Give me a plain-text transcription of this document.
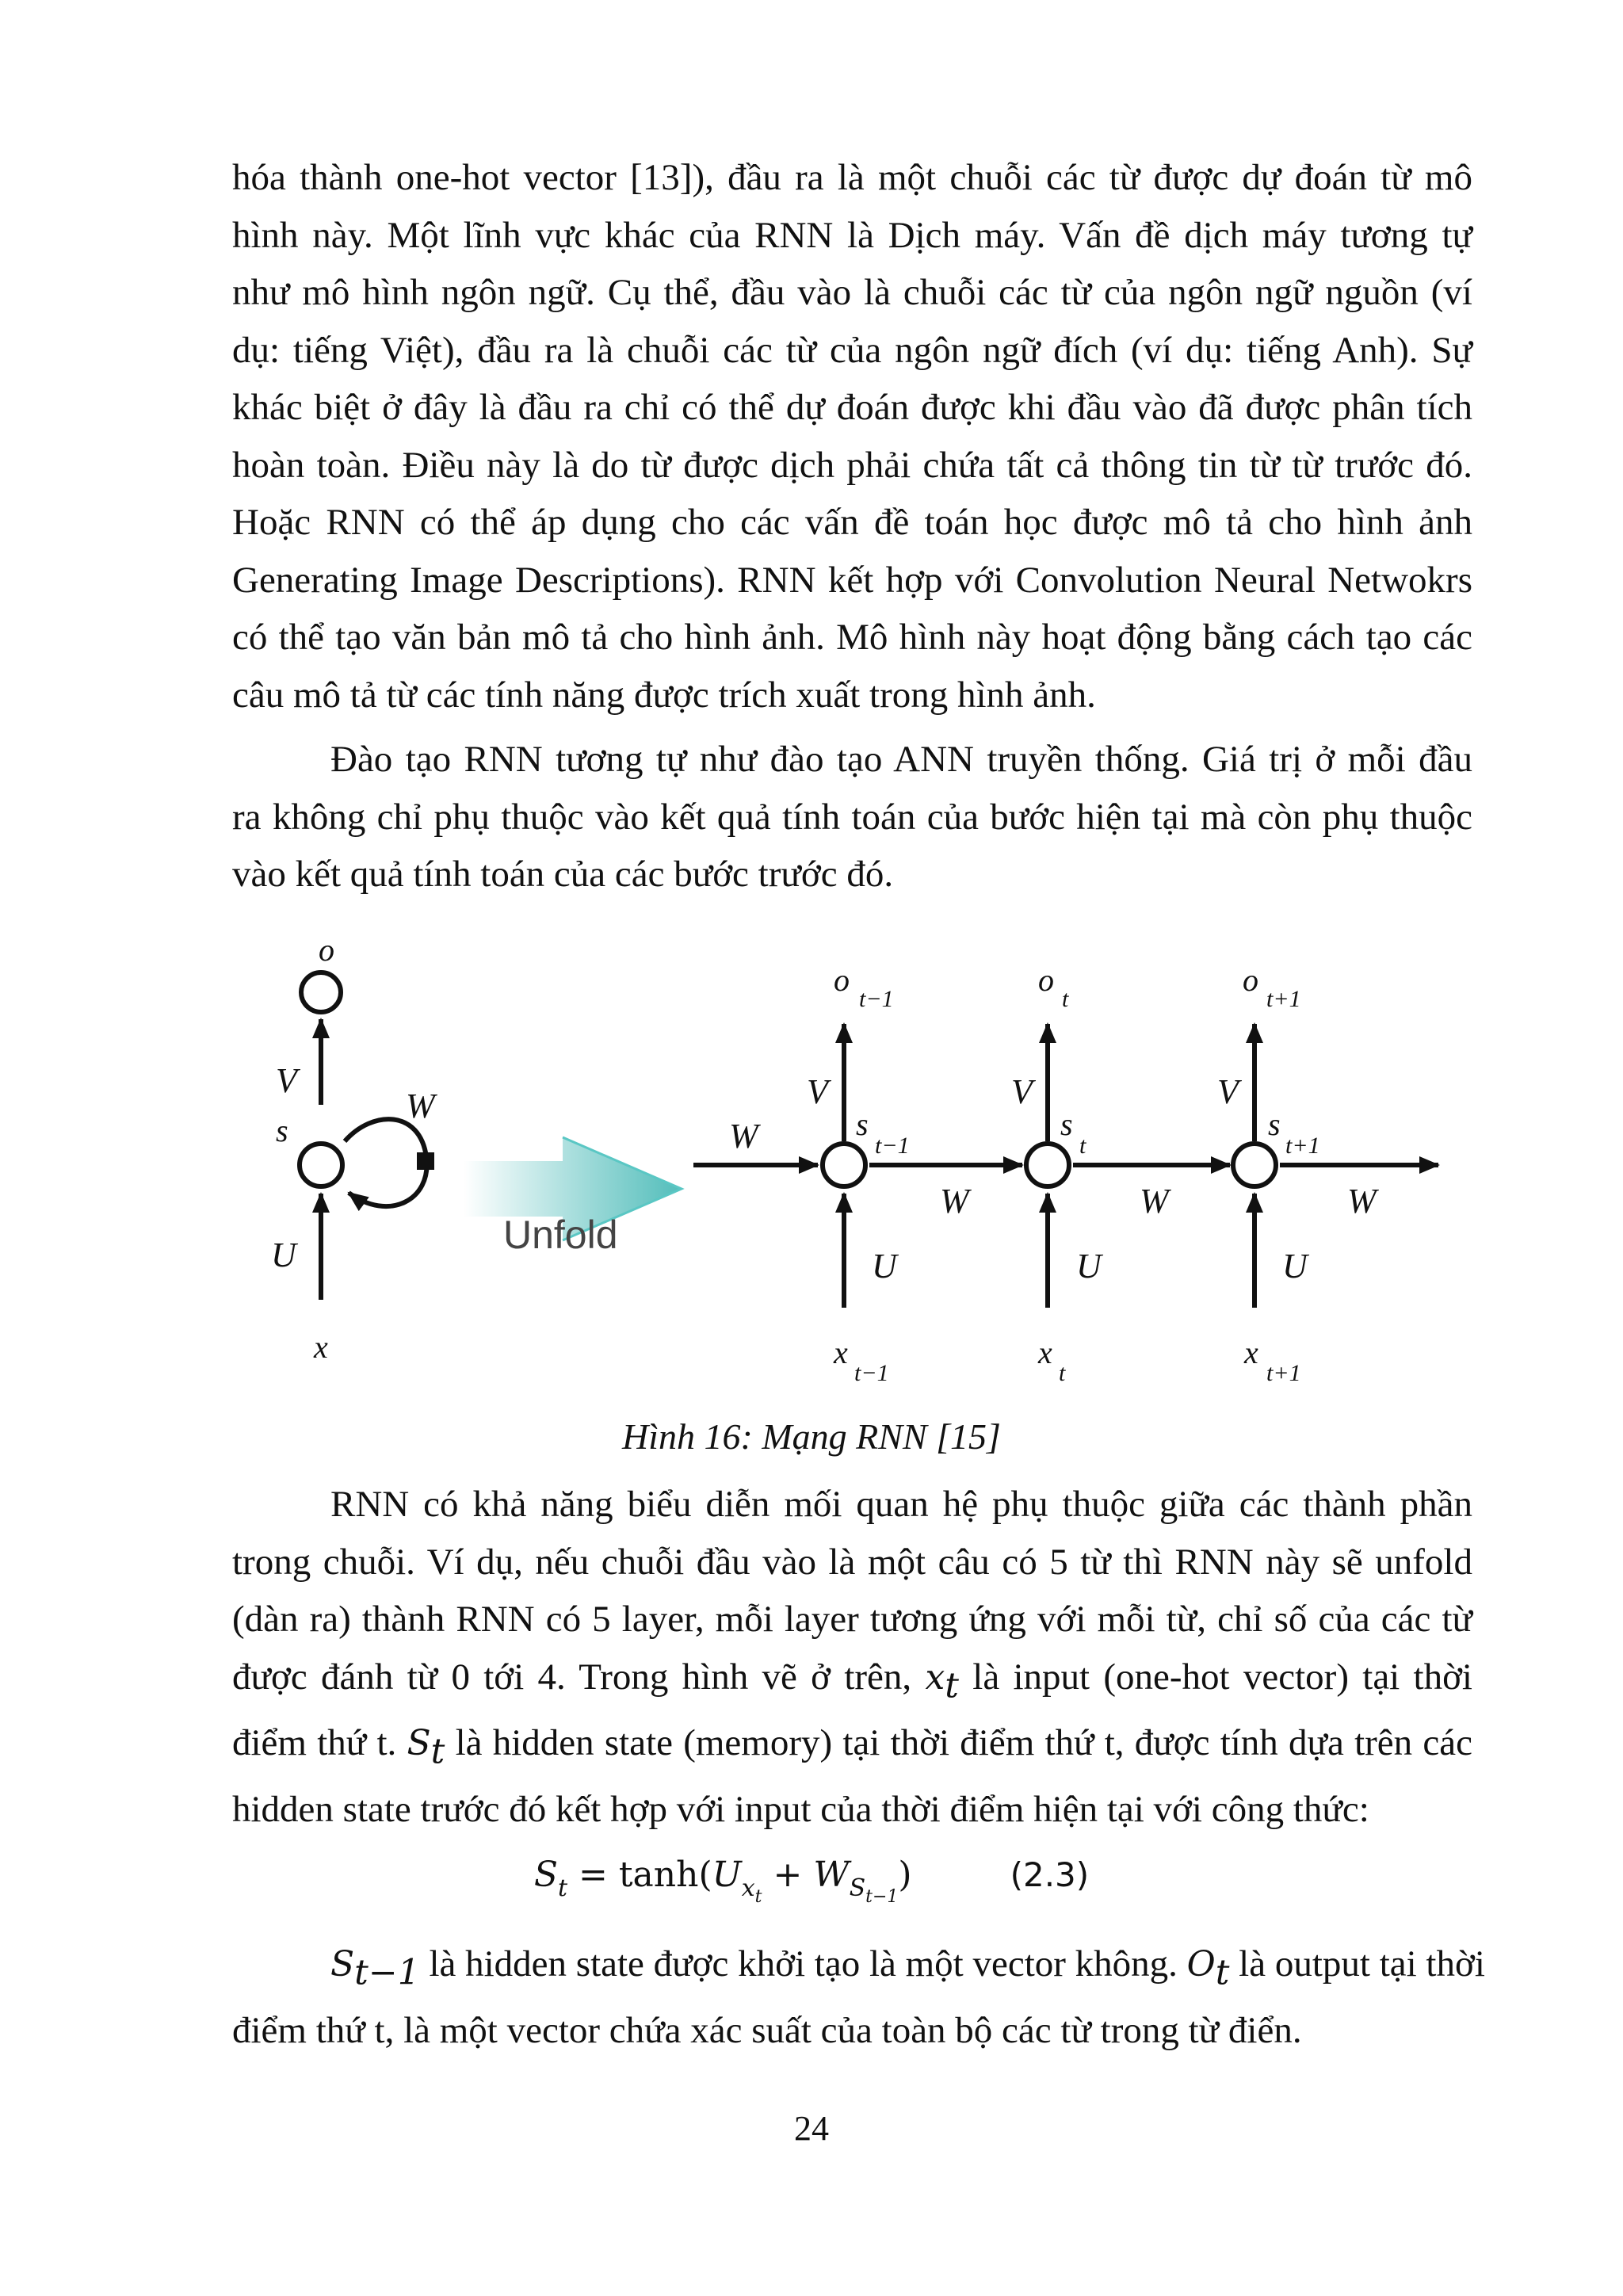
hóa thành one-hot vector [13]), đầu ra là một chuỗi các từ được dự đoán từ mô
hình này. Một lĩnh vực khác của RNN là Dịch máy. Vấn đề dịch máy tương tự
như mô hình ngôn ngữ. Cụ thể, đầu vào là chuỗi các từ của ngôn ngữ nguồn (ví
dụ: tiếng Việt), đầu ra là chuỗi các từ của ngôn ngữ đích (ví dụ: tiếng Anh). Sự
khác biệt ở đây là đầu ra chỉ có thể dự đoán được khi đầu vào đã được phân tích
hoàn toàn. Điều này là do từ được dịch phải chứa tất cả thông tin từ từ trước đó.
Hoặc RNN có thể áp dụng cho các vấn đề toán học được mô tả cho hình ảnh
Generating Image Descriptions). RNN kết hợp với Convolution Neural Netwokrs
có thể tạo văn bản mô tả cho hình ảnh. Mô hình này hoạt động bằng cách tạo các
câu mô tả từ các tính năng được trích xuất trong hình ảnh.
Đào tạo RNN tương tự như đào tạo ANN truyền thống. Giá trị ở mỗi đầu
ra không chỉ phụ thuộc vào kết quả tính toán của bước hiện tại mà còn phụ thuộc
vào kết quả tính toán của các bước trước đó.
o
V
s
W
U
x
Unfold
W
o
t−1
V
s
t−1
U
x
t−1
W
o
t
V
s
t
U
x
t
W
o
t+1
V
s
t+1
U
x
t+1
W
Hình 16: Mạng RNN [15]
RNN có khả năng biểu diễn mối quan hệ phụ thuộc giữa các thành phần
trong chuỗi. Ví dụ, nếu chuỗi đầu vào là một câu có 5 từ thì RNN này sẽ unfold
(dàn ra) thành RNN có 5 layer, mỗi layer tương ứng với mỗi từ, chỉ số của các từ
được đánh từ 0 tới 4. Trong hình vẽ ở trên, $x_t$ là input (one-hot vector) tại thời
điểm thứ t. $S_t$ là hidden state (memory) tại thời điểm thứ t, được tính dựa trên các
hidden state trước đó kết hợp với input của thời điểm hiện tại với công thức:
$S_t = \tanh(U_{x_t} + W_{S_{t-1}})$	(2.3)
$S_{t-1}$ là hidden state được khởi tạo là một vector không. $O_t$ là output tại thời
điểm thứ t, là một vector chứa xác suất của toàn bộ các từ trong từ điển.
24
